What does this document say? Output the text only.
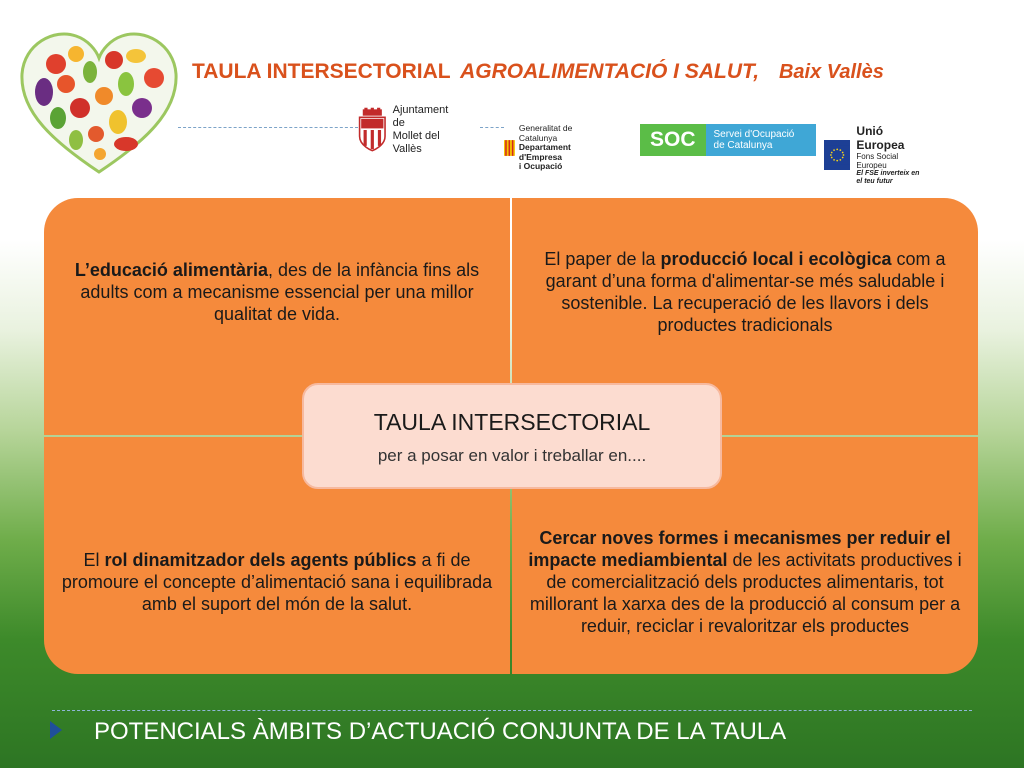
TAULA INTERSECTORIAL AGROALIMENTACIÓ I SALUT, Baix Vallès
Ajuntament de
Mollet del Vallès
Generalitat de Catalunya
Departament d'Empresa
i Ocupació
SOC	Servei d'Ocupació
de Catalunya
Unió Europea
Fons Social Europeu
El FSE inverteix en el teu futur
L’educació alimentària, des de la infància fins als adults com a mecanisme essencial per una millor qualitat de vida.
El paper de la producció local i ecològica com a garant d’una forma d'alimentar-se més saludable i sostenible. La recuperació de les llavors i dels productes tradicionals
El rol dinamitzador dels agents públics a fi de promoure el concepte d’alimentació sana i equilibrada amb el suport del món de la salut.
Cercar noves formes i mecanismes per reduir el impacte mediambiental de les activitats productives i de comercialització dels productes alimentaris, tot millorant la xarxa des de la producció al consum per a reduir, reciclar i revaloritzar els productes
TAULA INTERSECTORIAL
per a posar en valor i treballar en....
POTENCIALS ÀMBITS D’ACTUACIÓ CONJUNTA DE LA TAULA
